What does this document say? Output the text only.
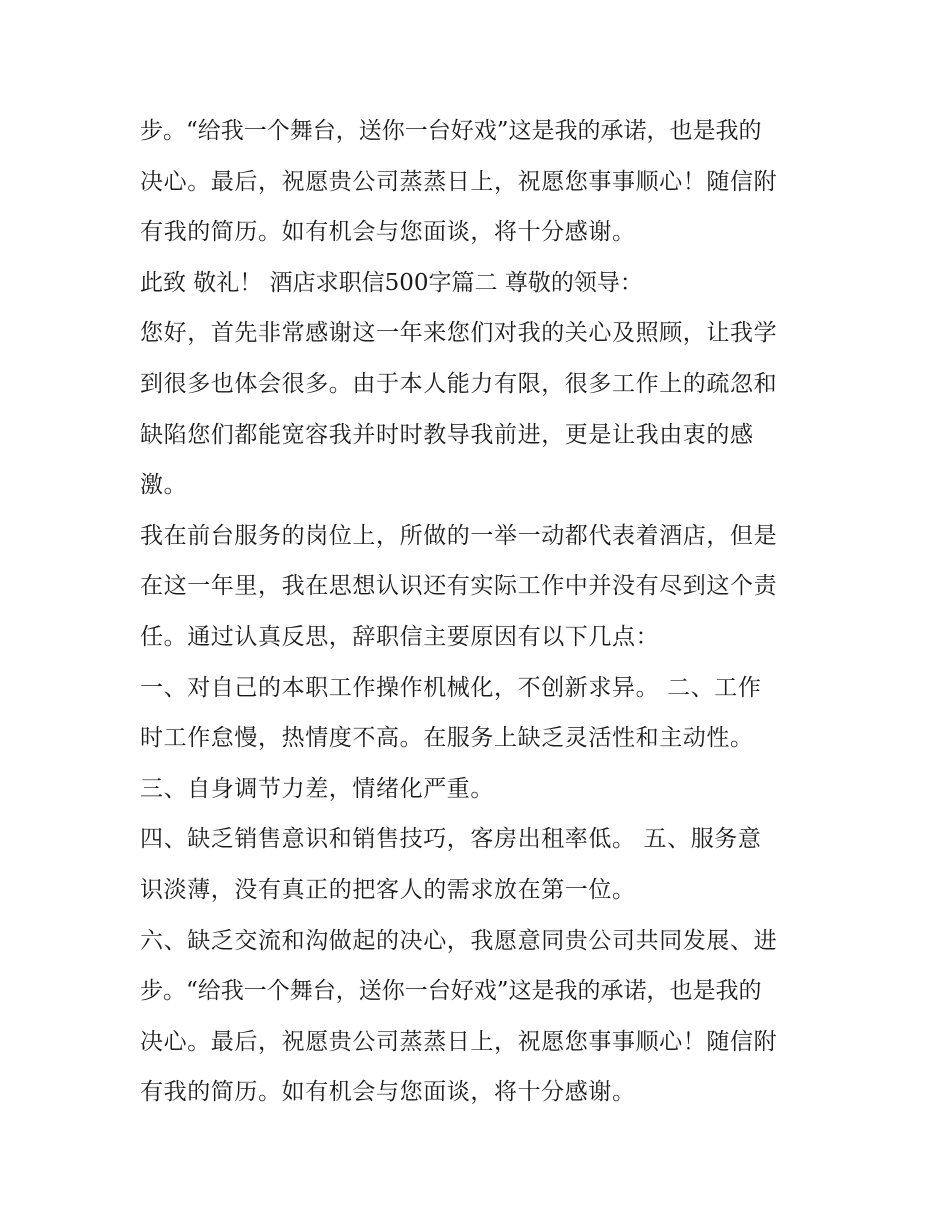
步。“给我一个舞台，送你一台好戏”这是我的承诺，也是我的
决心。最后，祝愿贵公司蒸蒸日上，祝愿您事事顺心！随信附
有我的简历。如有机会与您面谈，将十分感谢。
此致 敬礼！ 酒店求职信500字篇二 尊敬的领导：
您好，首先非常感谢这一年来您们对我的关心及照顾，让我学
到很多也体会很多。由于本人能力有限，很多工作上的疏忽和
缺陷您们都能宽容我并时时教导我前进，更是让我由衷的感
激。
我在前台服务的岗位上，所做的一举一动都代表着酒店，但是
在这一年里，我在思想认识还有实际工作中并没有尽到这个责
任。通过认真反思，辞职信主要原因有以下几点：
一、对自己的本职工作操作机械化，不创新求异。 二、工作
时工作怠慢，热情度不高。在服务上缺乏灵活性和主动性。
三、自身调节力差，情绪化严重。
四、缺乏销售意识和销售技巧，客房出租率低。 五、服务意
识淡薄，没有真正的把客人的需求放在第一位。
六、缺乏交流和沟做起的决心，我愿意同贵公司共同发展、进
步。“给我一个舞台，送你一台好戏”这是我的承诺，也是我的
决心。最后，祝愿贵公司蒸蒸日上，祝愿您事事顺心！随信附
有我的简历。如有机会与您面谈，将十分感谢。
